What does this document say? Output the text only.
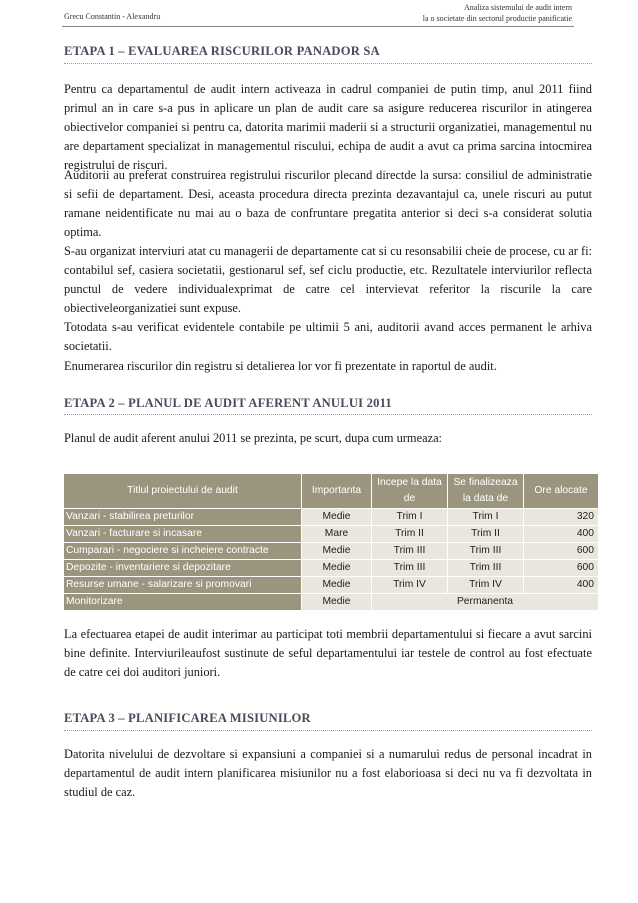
Grecu Constantin - Alexandru
Analiza sistemului de audit intern
la o societate din sectorul productie panificatie
ETAPA 1 – EVALUAREA RISCURILOR PANADOR SA

Pentru ca departamentul de audit intern activeaza in cadrul companiei de putin timp, anul 2011 fiind primul an in care s-a pus in aplicare un plan de audit care sa asigure reducerea riscurilor in atingerea obiectivelor companiei si pentru ca, datorita marimii maderii si a structurii organizatiei, managementul nu are departament specializat in managementul riscului, echipa de audit a avut ca prima sarcina intocmirea registrului de riscuri.

Auditorii au preferat construirea registrului riscurilor plecand directde la sursa: consiliul de administratie si sefii de departament. Desi, aceasta procedura directa prezinta dezavantajul ca, unele riscuri au putut ramane neidentificate nu mai au o baza de confruntare pregatita anterior si deci s-a considerat solutia optima.

S-au organizat interviuri atat cu managerii de departamente cat si cu resonsabilii cheie de procese, cu ar fi: contabilul sef, casiera societatii, gestionarul sef, sef ciclu productie, etc. Rezultatele interviurilor reflecta punctul de vedere individualexprimat de catre cel intervievat referitor la riscurile la care obiectiveleorganizatiei sunt expuse.

Totodata s-au verificat evidentele contabile pe ultimii 5 ani, auditorii avand acces permanent le arhiva societatii.

Enumerarea riscurilor din registru si detalierea lor vor fi prezentate in raportul de audit.

ETAPA 2 – PLANUL DE AUDIT AFERENT ANULUI 2011

Planul de audit aferent anului 2011 se prezinta, pe scurt, dupa cum urmeaza:

Titlul proiectului de audit	Importanta	Incepe la data de	Se finalizeaza la data de	Ore alocate
Vanzari - stabilirea preturilor	Medie	Trim I	Trim I	320
Vanzari - facturare si incasare	Mare	Trim II	Trim II	400
Cumparari - negociere si incheiere contracte	Medie	Trim III	Trim III	600
Depozite - inventariere si depozitare	Medie	Trim III	Trim III	600
Resurse umane - salarizare si promovari	Medie	Trim IV	Trim IV	400
Monitorizare	Medie	Permanenta		

La efectuarea etapei de audit interimar au participat toti membrii departamentului si fiecare a avut sarcini bine definite. Interviurileaufost sustinute de seful departamentului iar testele de control au fost efectuate de catre cei doi auditori juniori.

ETAPA 3 – PLANIFICAREA MISIUNILOR

Datorita nivelului de dezvoltare si expansiuni a companiei si a numarului redus de personal incadrat in departamentul de audit intern planificarea misiunilor nu a fost elaborioasa si deci nu va fi dezvoltata in studiul de caz.
